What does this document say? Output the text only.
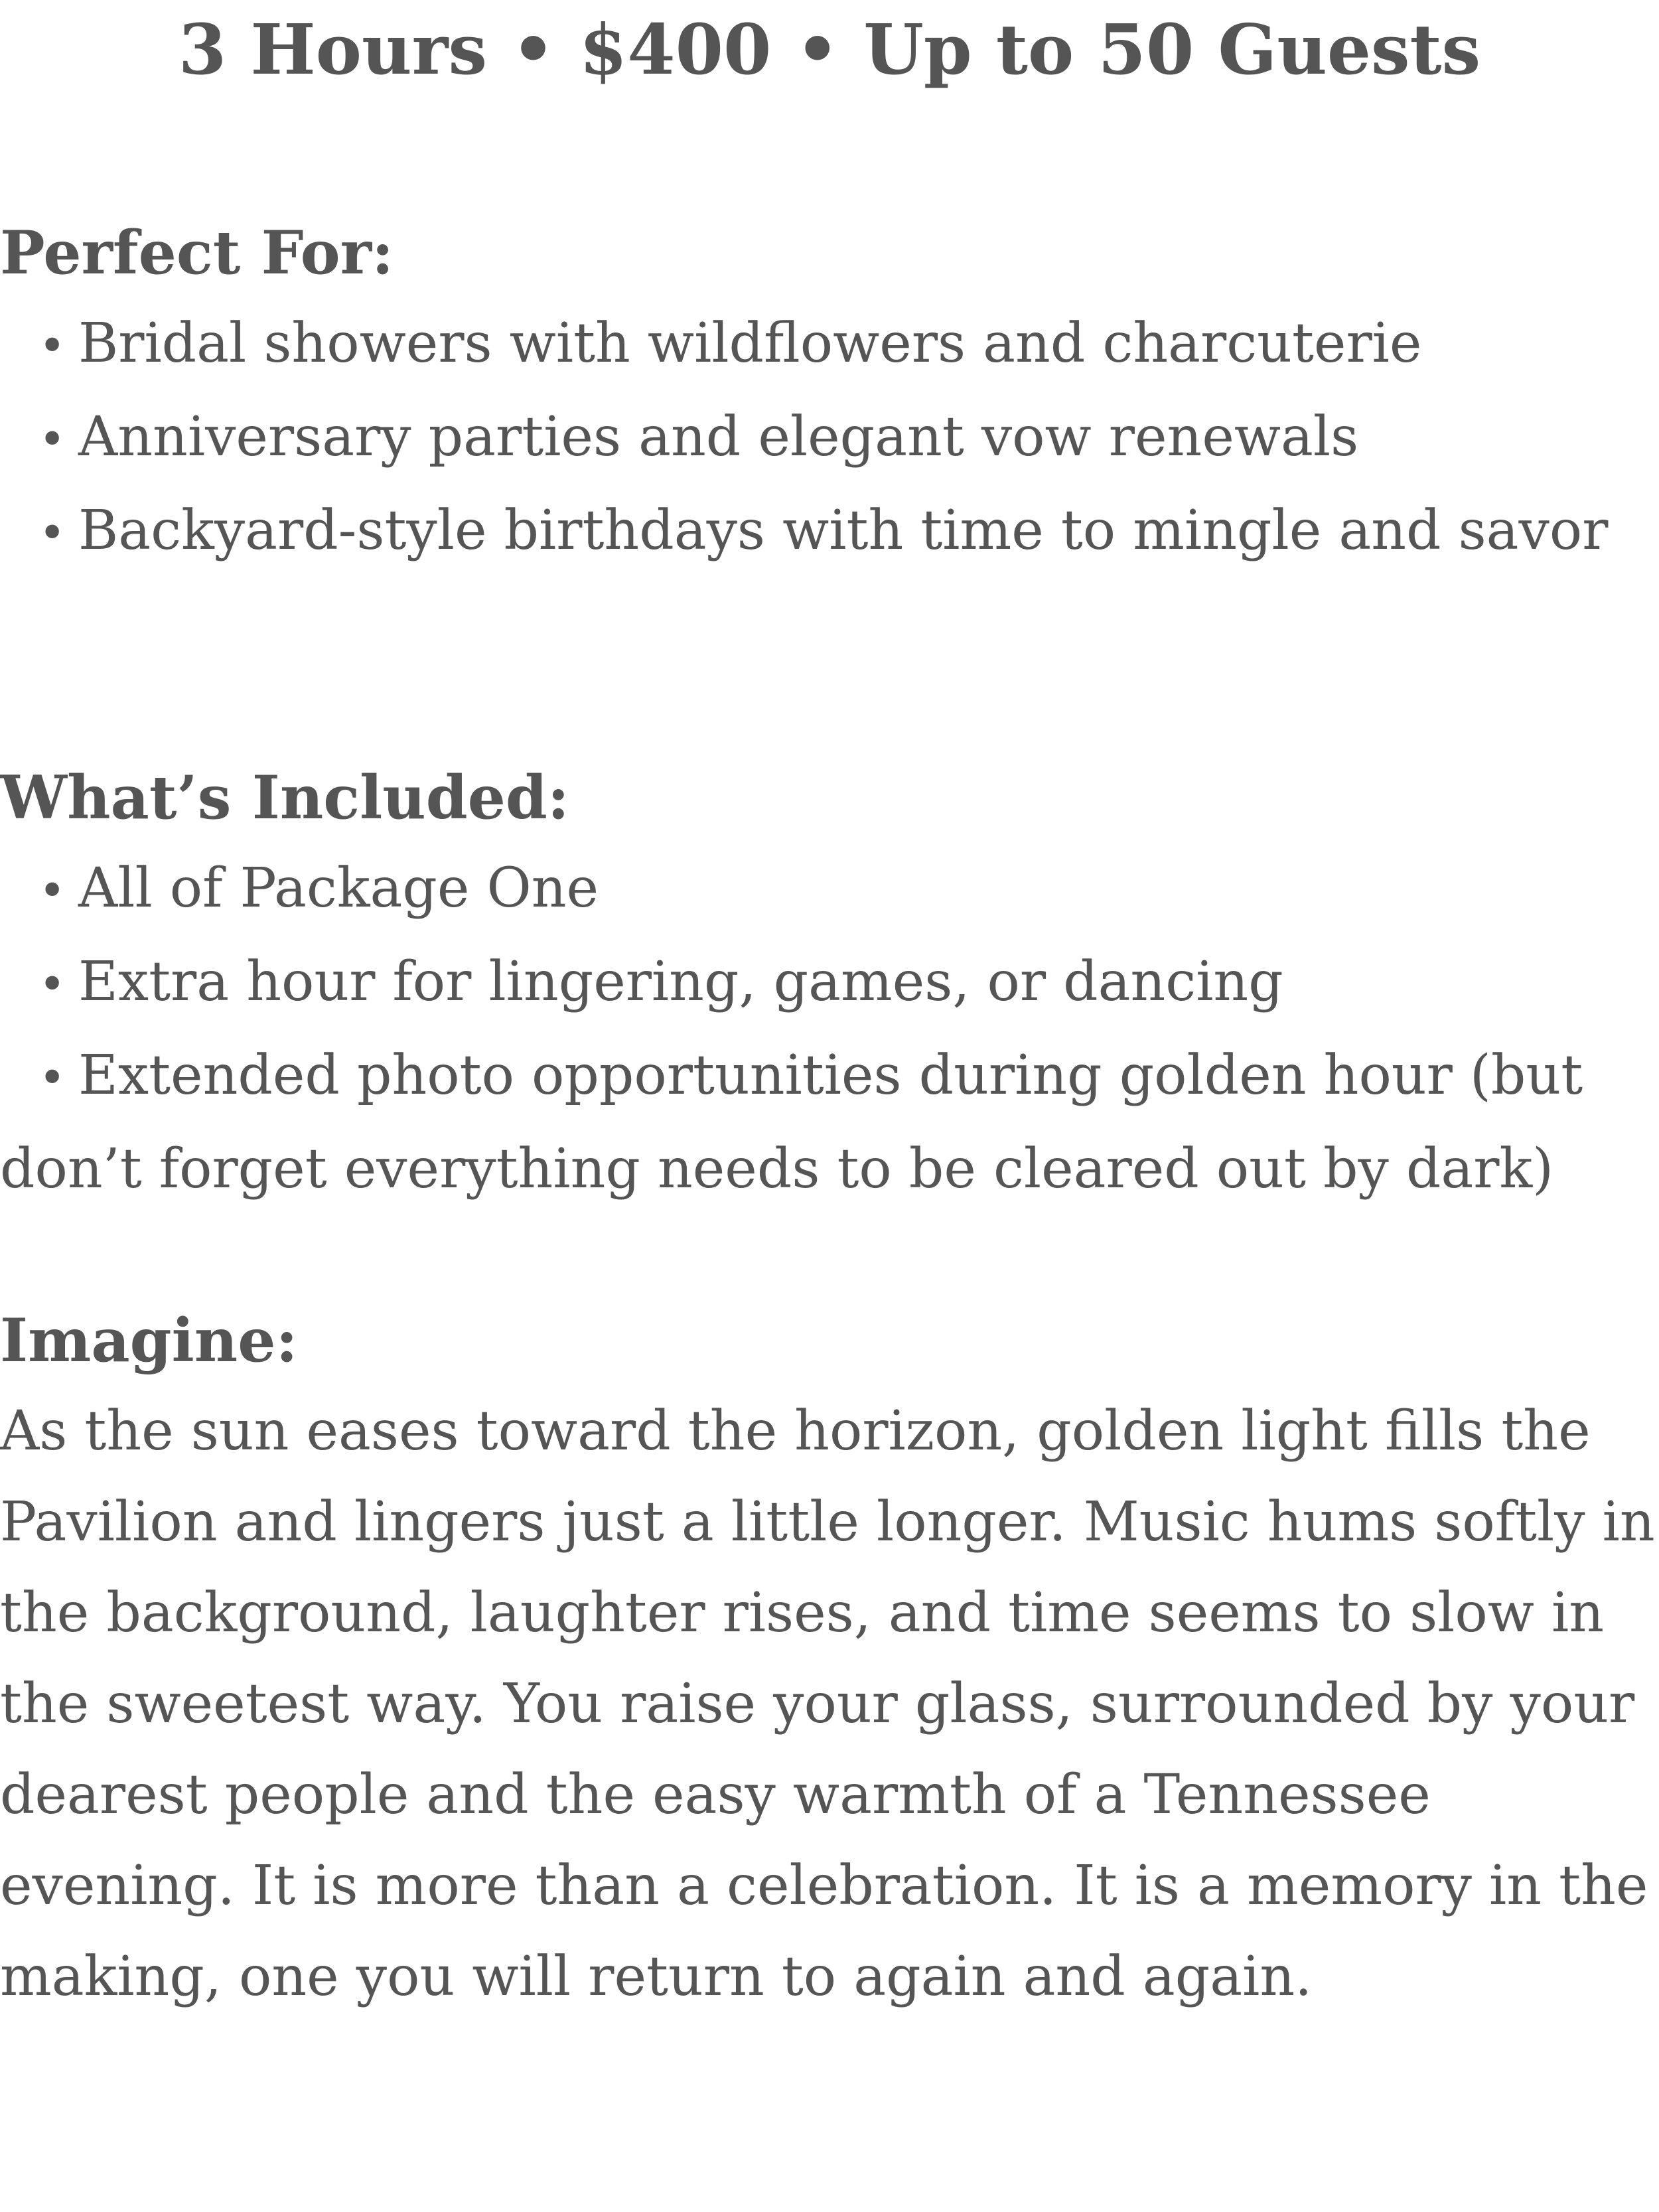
3 Hours • $400 • Up to 50 Guests
Perfect For:
• Bridal showers with wildflowers and charcuterie
• Anniversary parties and elegant vow renewals
• Backyard-style birthdays with time to mingle and savor
What’s Included:
• All of Package One
• Extra hour for lingering, games, or dancing
• Extended photo opportunities during golden hour (but don’t forget everything needs to be cleared out by dark)
Imagine:

As the sun eases toward the horizon, golden light fills the Pavilion and lingers just a little longer. Music hums softly in the background, laughter rises, and time seems to slow in the sweetest way. You raise your glass, surrounded by your dearest people and the easy warmth of a Tennessee evening. It is more than a celebration. It is a memory in the making, one you will return to again and again.
